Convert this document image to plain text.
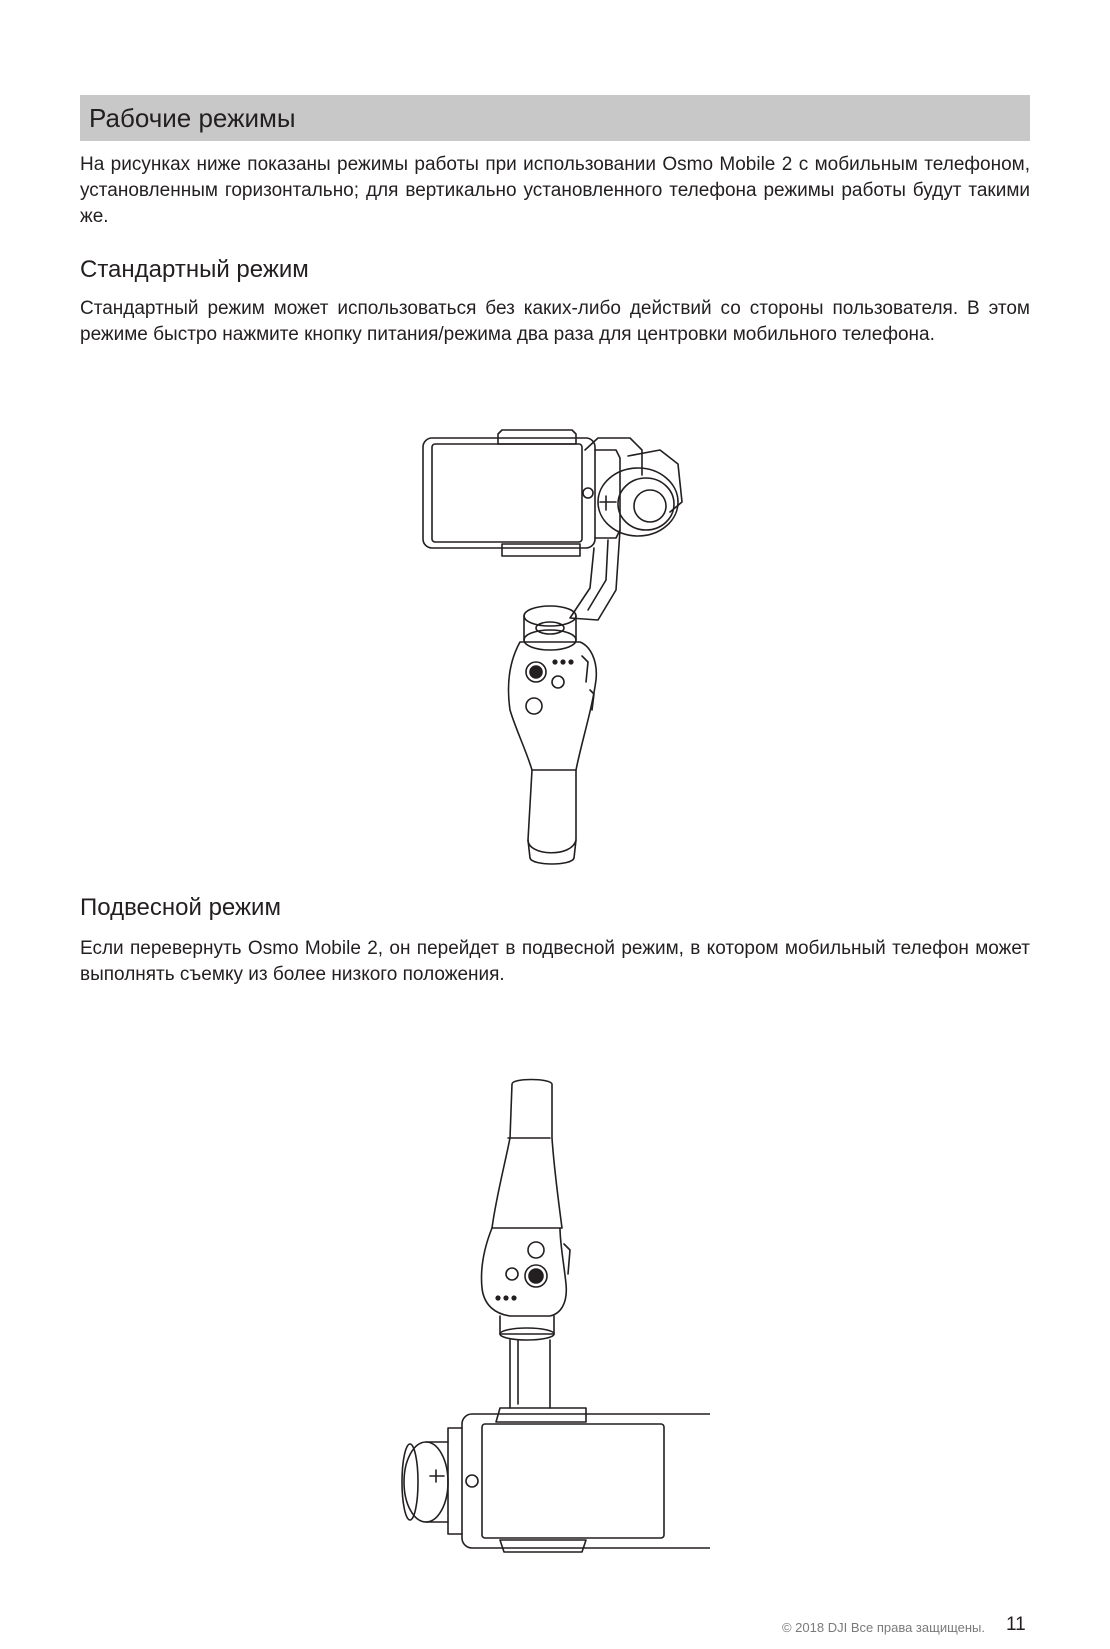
Рабочие режимы

На рисунках ниже показаны режимы работы при использовании Osmo Mobile 2 с мобильным телефоном, установленным горизонтально; для вертикально установленного телефона режимы работы будут такими же.

Стандартный режим

Стандартный режим может использоваться без каких-либо действий со стороны пользователя. В этом режиме быстро нажмите кнопку питания/режима два раза для центровки мобильного телефона.

Подвесной режим

Если перевернуть Osmo Mobile 2, он перейдет в подвесной режим, в котором мобильный телефон может выполнять съемку из более низкого положения.

© 2018 DJI Все права защищены. 11
